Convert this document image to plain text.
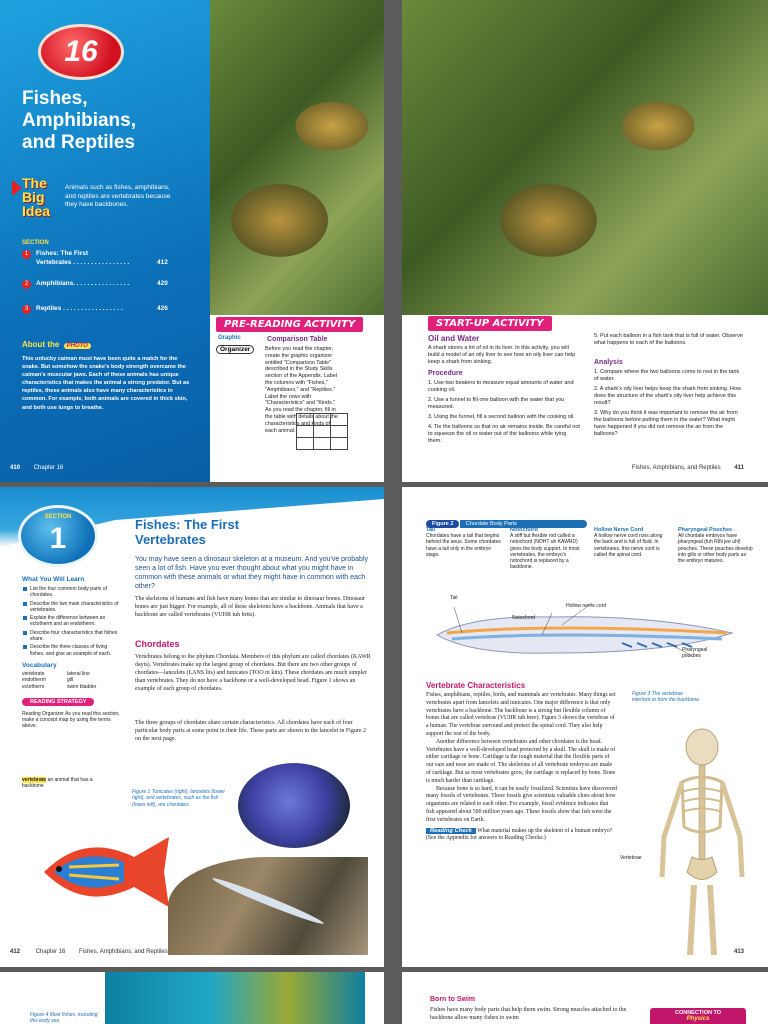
16
Fishes,
Amphibians,
and Reptiles
The
Big
Idea
Animals such as fishes, amphibians, and reptiles are vertebrates because they have backbones.
SECTION
1	Fishes: The First
Vertebrates . . . . . . . . . . . . . . . .	412
2	Amphibians. . . . . . . . . . . . . . . .	420
3	Reptiles . . . . . . . . . . . . . . . . .	426
About the PHOTO
This unlucky caiman must have been quite a match for the snake. But somehow the snake's body strength overcame the caiman's muscular jaws. Each of these animals has unique characteristics that makes the animal a strong predator. But as reptiles, these animals also have many characteristics in common. For example, both animals are covered in thick skin, and both use lungs to breathe.
410 Chapter 16
PRE-READING ACTIVITY
Graphic
Organizer
Comparison Table
Before you read the chapter, create the graphic organizer entitled "Comparison Table" described in the Study Skills section of the Appendix. Label the columns with "Fishes," "Amphibians," and "Reptiles." Label the rows with "Characteristics" and "Kinds." As you read the chapter, fill in the table with details about the characteristics and kinds of each animal.

START-UP ACTIVITY
Oil and Water
A shark stores a lot of oil in its liver. In this activity, you will build a model of an oily liver to see how an oily liver can help keep a shark from sinking.
Procedure
1. Use two beakers to measure equal amounts of water and cooking oil.
2. Use a funnel to fill one balloon with the water that you measured.
3. Using the funnel, fill a second balloon with the cooking oil.
4. Tie the balloons so that no air remains inside. Be careful not to squeeze the oil or water out of the balloons while tying them.
5. Put each balloon in a fish tank that is full of water. Observe what happens to each of the balloons.
Analysis
1. Compare where the two balloons come to rest in the tank of water.
2. A shark's oily liver helps keep the shark from sinking. How does the structure of the shark's oily liver help achieve this result?
3. Why do you think it was important to remove the air from the balloons before putting them in the water? What might have happened if you did not remove the air from the balloons?
Fishes, Amphibians, and Reptiles 411
SECTION
1	Fishes: The First
Vertebrates
You may have seen a dinosaur skeleton at a museum. And you've probably seen a lot of fish. Have you ever thought about what you might have in common with these animals or what they might have in common with each other?
The skeletons of humans and fish have many bones that are similar to dinosaur bones. Dinosaur bones are just bigger. For example, all of these skeletons have a backbone. Animals that have a backbone are called vertebrates (VUHR tuh brits).
Chordates
Vertebrates belong to the phylum Chordata. Members of this phylum are called chordates (KAWR dayts). Vertebrates make up the largest group of chordates. But there are two other groups of chordates—lancelets (LANS lits) and tunicates (TOO ni kits). These chordates are much simpler than vertebrates. They do not have a backbone or a well-developed head. Figure 1 shows an example of each group of chordates.
The three groups of chordates share certain characteristics. All chordates have each of four particular body parts at some point in their life. These parts are shown in the lancelet in Figure 2 on the next page.
What You Will Learn
List the four common body parts of chordates.
Describe the two main characteristics of vertebrates.
Explain the difference between an ectotherm and an endotherm.
Describe four characteristics that fishes share.
Describe the three classes of living fishes, and give an example of each.
Vocabulary
vertebrate	lateral line
endotherm	gill
ectotherm	swim bladder
READING STRATEGY
Reading Organizer As you read this section, make a concept map by using the terms above.
vertebrate an animal that has a backbone
Figure 1 Tunicates (right), lancelets (lower right), and vertebrates, such as the fish (lower left), are chordates.
412	Chapter 16 Fishes, Amphibians, and Reptiles
Figure 2 Chordate Body Parts
Tail
Chordates have a tail that begins behind the anus. Some chordates have a tail only in the embryo stage.
Notochord
A stiff but flexible rod called a notochord (NOHT uh KAWRD) gives the body support. In most vertebrates, the embryo's notochord is replaced by a backbone.
Hollow Nerve Cord
A hollow nerve cord runs along the back and is full of fluid. In vertebrates, this nerve cord is called the spinal cord.
Pharyngeal Pouches
All chordate embryos have pharyngeal (fuh RIN jee uhl) pouches. These pouches develop into gills or other body parts as the embryo matures.
Tail
Hollow nerve cord
Notochord
Pharyngeal pouches
Vertebrate Characteristics
Fishes, amphibians, reptiles, birds, and mammals are vertebrates. Many things set vertebrates apart from lancelets and tunicates. One major difference is that only vertebrates have a backbone. The backbone is a strong but flexible column of bones that are called vertebrae (VUHR tuh bree). Figure 3 shows the vertebrae of a human. The vertebrae surround and protect the spinal cord. They also help support the rest of the body.
Another difference between vertebrates and other chordates is the head. Vertebrates have a well-developed head protected by a skull. The skull is made of either cartilage or bone. Cartilage is the tough material that the flexible parts of our ears and nose are made of. The skeletons of all vertebrate embryos are made of cartilage. But as most vertebrates grow, the cartilage is replaced by bone. Bone is much harder than cartilage.
Because bone is so hard, it can be easily fossilized. Scientists have discovered many fossils of vertebrates. These fossils give scientists valuable clues about how organisms are related to each other. For example, fossil evidence indicates that fish appeared about 500 million years ago. These fossils show that fish were the first vertebrates on Earth.
Reading Check What material makes up the skeleton of a human embryo? (See the Appendix for answers to Reading Checks.)
Figure 3 The vertebrae interlock to form the backbone.
Vertebrae
413
Figure 4 Most fishes, including this leafy sea
Born to Swim
Fishes have many body parts that help them swim. Strong muscles attached to the backbone allow many fishes to swim
CONNECTION TO
Physics
